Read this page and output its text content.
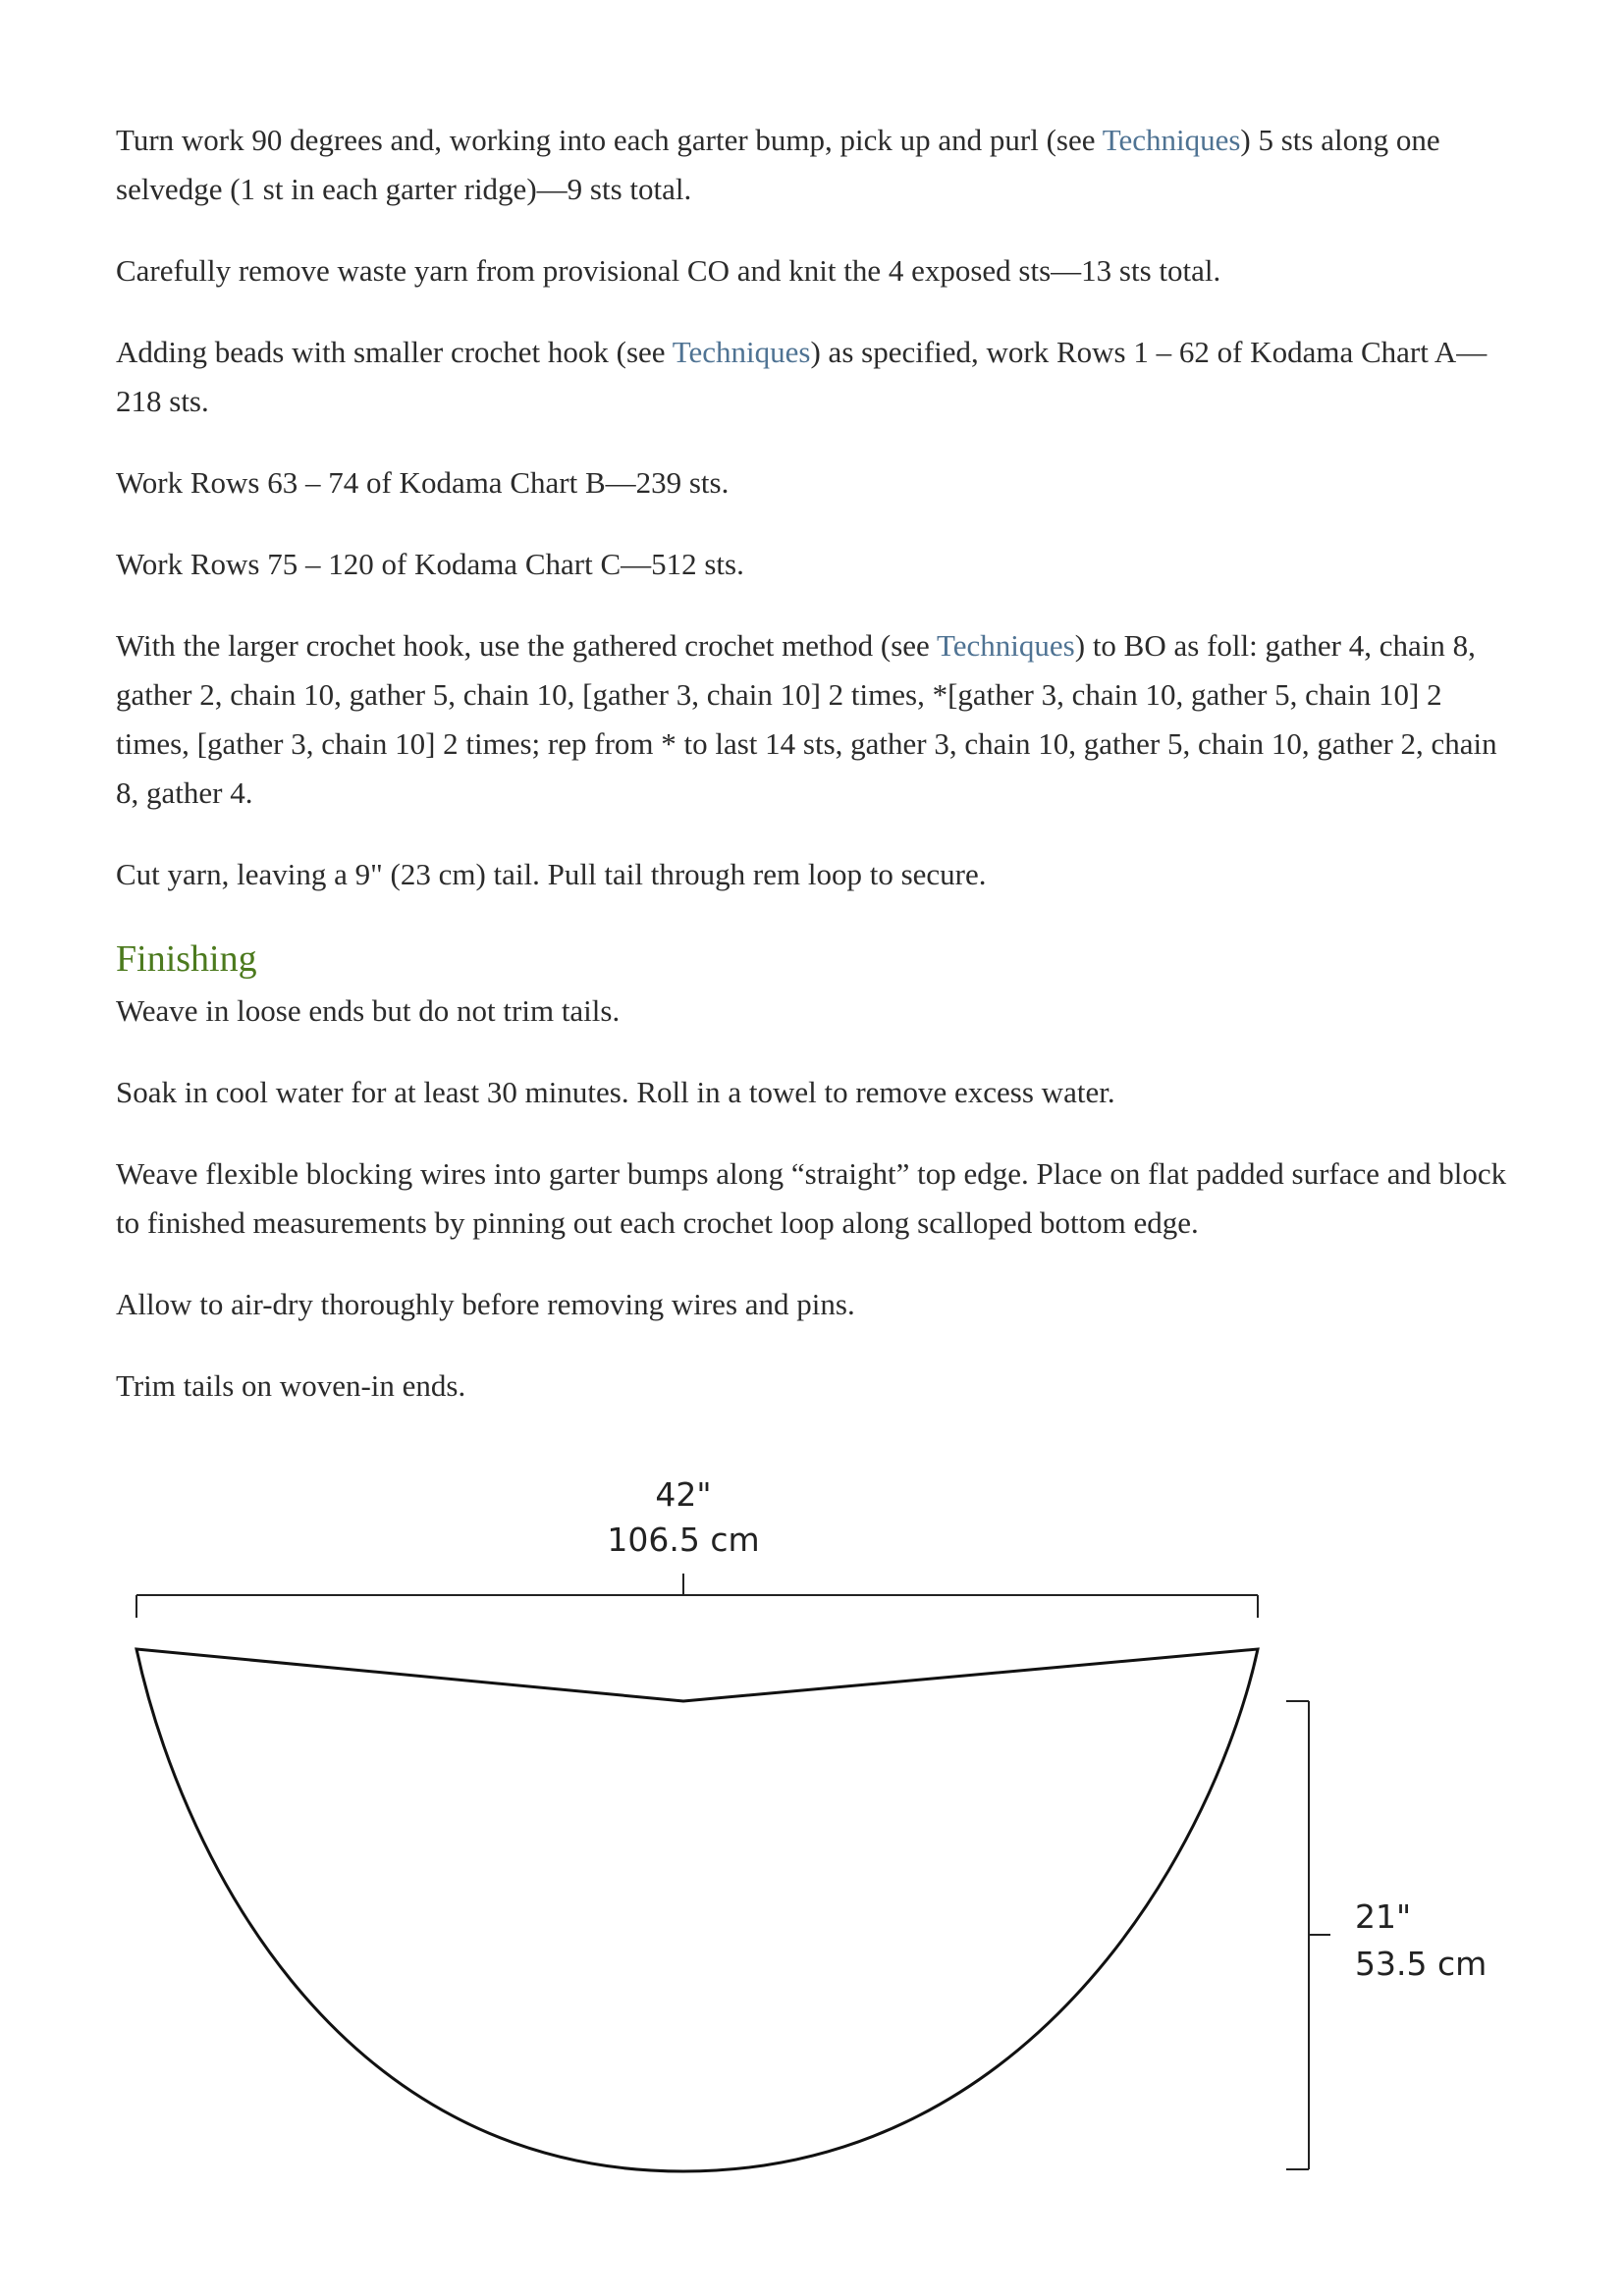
Turn work 90 degrees and, working into each garter bump, pick up and purl (see Techniques) 5 sts along one selvedge (1 st in each garter ridge)—9 sts total.

Carefully remove waste yarn from provisional CO and knit the 4 exposed sts—13 sts total.

Adding beads with smaller crochet hook (see Techniques) as specified, work Rows 1 – 62 of Kodama Chart A—218 sts.

Work Rows 63 – 74 of Kodama Chart B—239 sts.

Work Rows 75 – 120 of Kodama Chart C—512 sts.

With the larger crochet hook, use the gathered crochet method (see Techniques) to BO as foll: gather 4, chain 8, gather 2, chain 10, gather 5, chain 10, [gather 3, chain 10] 2 times, *[gather 3, chain 10, gather 5, chain 10] 2 times, [gather 3, chain 10] 2 times; rep from * to last 14 sts, gather 3, chain 10, gather 5, chain 10, gather 2, chain 8, gather 4.

Cut yarn, leaving a 9" (23 cm) tail. Pull tail through rem loop to secure.

Finishing

Weave in loose ends but do not trim tails.

Soak in cool water for at least 30 minutes. Roll in a towel to remove excess water.

Weave flexible blocking wires into garter bumps along “straight” top edge. Place on flat padded surface and block to finished measurements by pinning out each crochet loop along scalloped bottom edge.

Allow to air-dry thoroughly before removing wires and pins.

Trim tails on woven-in ends.

42"
106.5 cm
21"
53.5 cm
